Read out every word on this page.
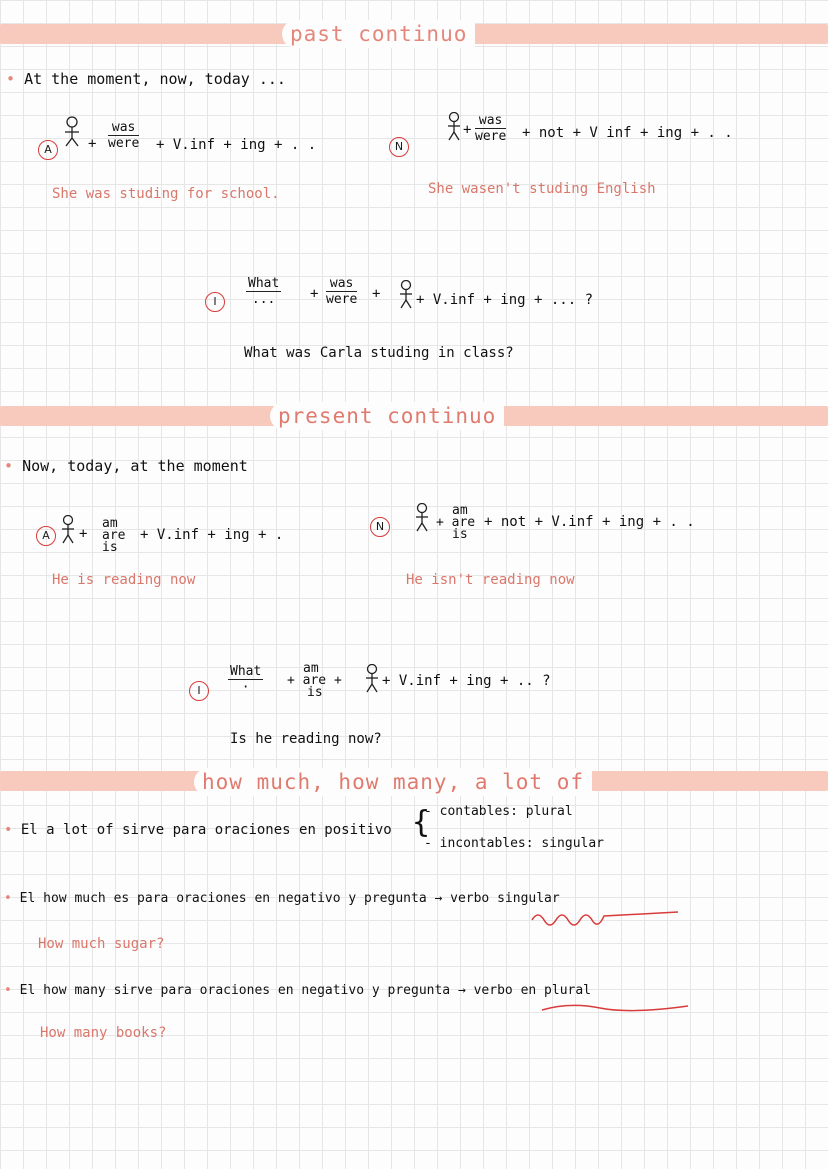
past continuo
• At the moment, now, today ...
A	+
was
were + V.inf + ing + . .
She was studing for school.
N
+
was
were + not + V inf + ing + . .
She wasen't studing English
I
What
...	+
was
were +	+ V.inf + ing + ... ?
What was Carla studing in class?
present continuo
• Now, today, at the moment
A	+
am
are
is
+ V.inf + ing + .
He is reading now
N
am
+ are
is
+ not + V.inf + ing + . .
He isn't reading now
I
What
·
am
+ are +
is
+ V.inf + ing + .. ?
Is he reading now?
how much, how many, a lot of
• El a lot of sirve para oraciones en positivo {
- contables: plural
- incontables: singular
• El how much es para oraciones en negativo y pregunta → verbo singular
How much sugar?
• El how many sirve para oraciones en negativo y pregunta → verbo en plural
How many books?
